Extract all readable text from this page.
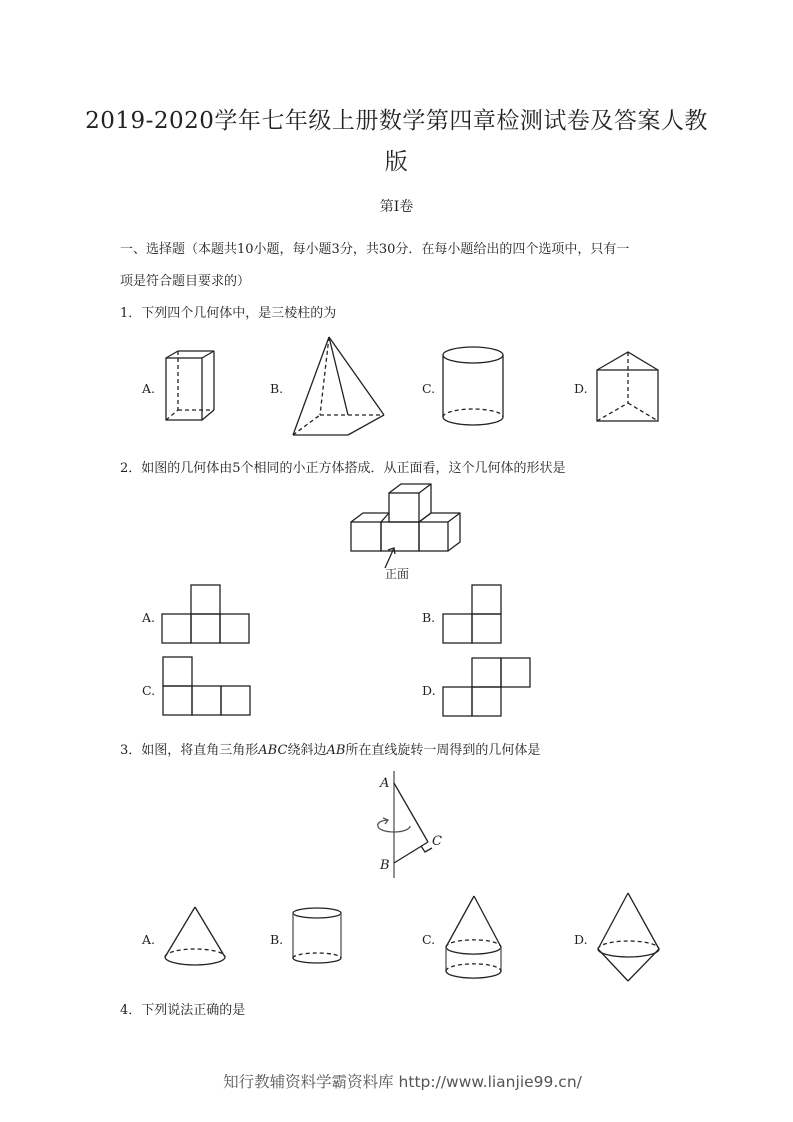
2019-2020学年七年级上册数学第四章检测试卷及答案人教
版
第Ⅰ卷
一、选择题（本题共10小题，每小题3分，共30分．在每小题给出的四个选项中，只有一
项是符合题目要求的）
1．下列四个几何体中，是三棱柱的为
A.	B.	C.	D.
2．如图的几何体由5个相同的小正方体搭成．从正面看，这个几何体的形状是
正面
A.	B.
C.	D.
3．如图，将直角三角形ABC绕斜边AB所在直线旋转一周得到的几何体是
A
B
C
A.	B.	C.	D.
4．下列说法正确的是
知行教辅资料学霸资料库 http://www.lianjie99.cn/
